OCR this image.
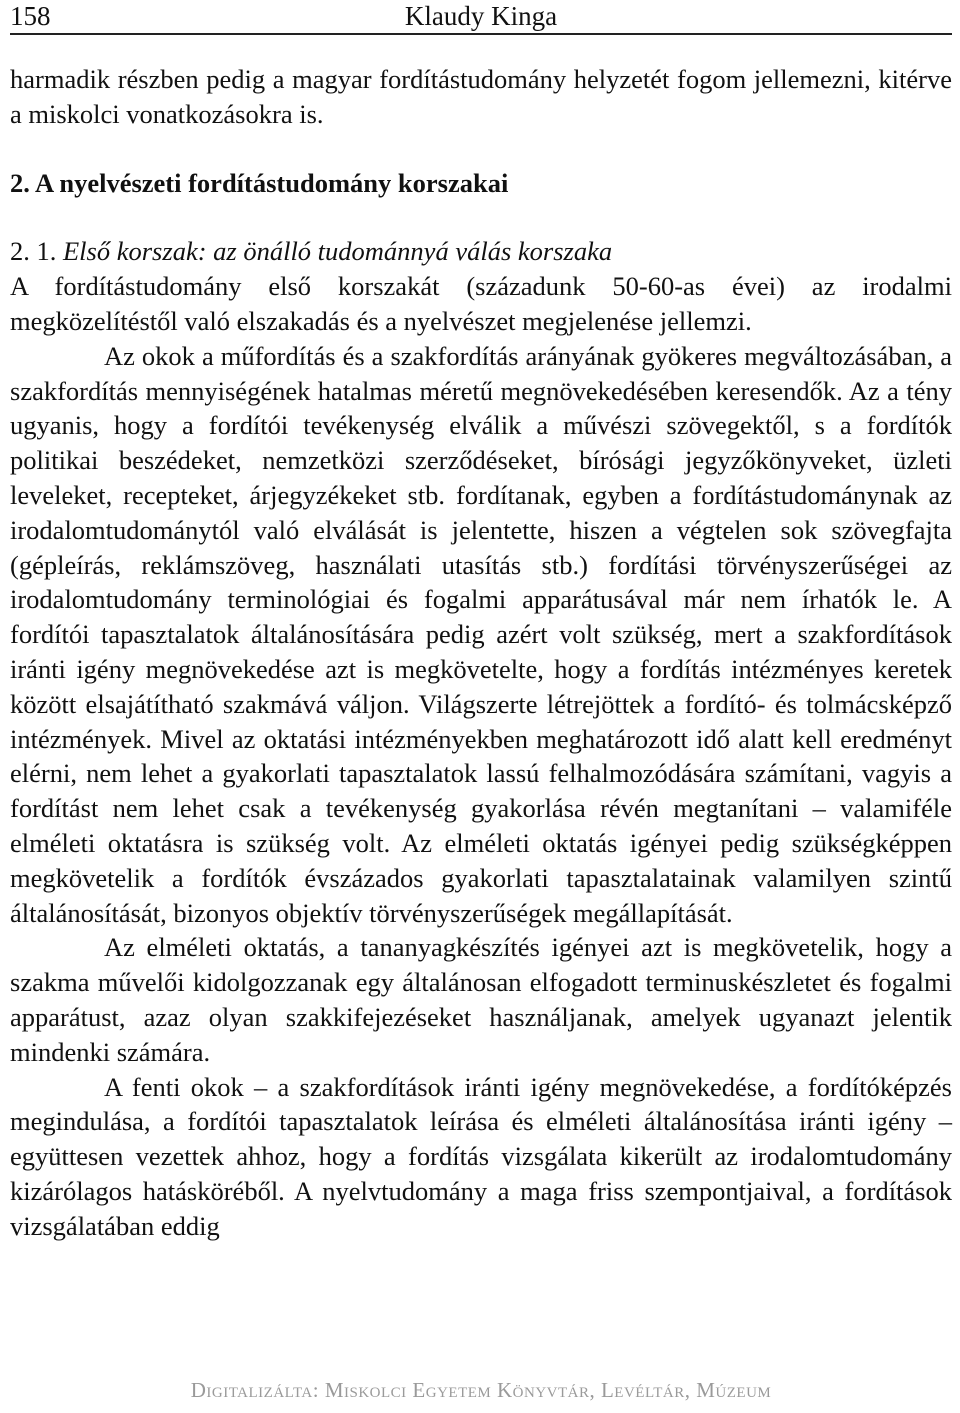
158	Klaudy Kinga

harmadik részben pedig a magyar fordítástudomány helyzetét fogom jellemezni, kitérve a miskolci vonatkozásokra is.

2. A nyelvészeti fordítástudomány korszakai
2. 1. Első korszak: az önálló tudománnyá válás korszaka

A fordítástudomány első korszakát (századunk 50-60-as évei) az irodalmi megközelítéstől való elszakadás és a nyelvészet megjelenése jellemzi.

Az okok a műfordítás és a szakfordítás arányának gyökeres megváltozásában, a szakfordítás mennyiségének hatalmas méretű megnövekedésében keresendők. Az a tény ugyanis, hogy a fordítói tevékenység elválik a művészi szövegektől, s a fordítók politikai beszédeket, nemzetközi szerződéseket, bírósági jegyzőkönyveket, üzleti leveleket, recepteket, árjegyzékeket stb. fordítanak, egyben a fordítástudománynak az irodalomtudománytól való elválását is jelentette, hiszen a végtelen sok szövegfajta (gépleírás, reklámszöveg, használati utasítás stb.) fordítási törvényszerűségei az irodalomtudomány terminológiai és fogalmi apparátusával már nem írhatók le. A fordítói tapasztalatok általánosítására pedig azért volt szükség, mert a szakfordítások iránti igény megnövekedése azt is megkövetelte, hogy a fordítás intézményes keretek között elsajátítható szakmává váljon. Világszerte létrejöttek a fordító- és tolmácsképző intézmények. Mivel az oktatási intézményekben meghatározott idő alatt kell eredményt elérni, nem lehet a gyakorlati tapasztalatok lassú felhalmozódására számítani, vagyis a fordítást nem lehet csak a tevékenység gyakorlása révén megtanítani – valamiféle elméleti oktatásra is szükség volt. Az elméleti oktatás igényei pedig szükségképpen megkövetelik a fordítók évszázados gyakorlati tapasztalatainak valamilyen szintű általánosítását, bizonyos objektív törvényszerűségek megállapítását.

Az elméleti oktatás, a tananyagkészítés igényei azt is megkövetelik, hogy a szakma művelői kidolgozzanak egy általánosan elfogadott terminuskészletet és fogalmi apparátust, azaz olyan szakkifejezéseket használjanak, amelyek ugyanazt jelentik mindenki számára.

A fenti okok – a szakfordítások iránti igény megnövekedése, a fordítóképzés megindulása, a fordítói tapasztalatok leírása és elméleti általánosítása iránti igény – együttesen vezettek ahhoz, hogy a fordítás vizsgálata kikerült az irodalomtudomány kizárólagos hatásköréből. A nyelvtudomány a maga friss szempontjaival, a fordítások vizsgálatában eddig

Digitalizálta: Miskolci Egyetem Könyvtár, Levéltár, Múzeum
